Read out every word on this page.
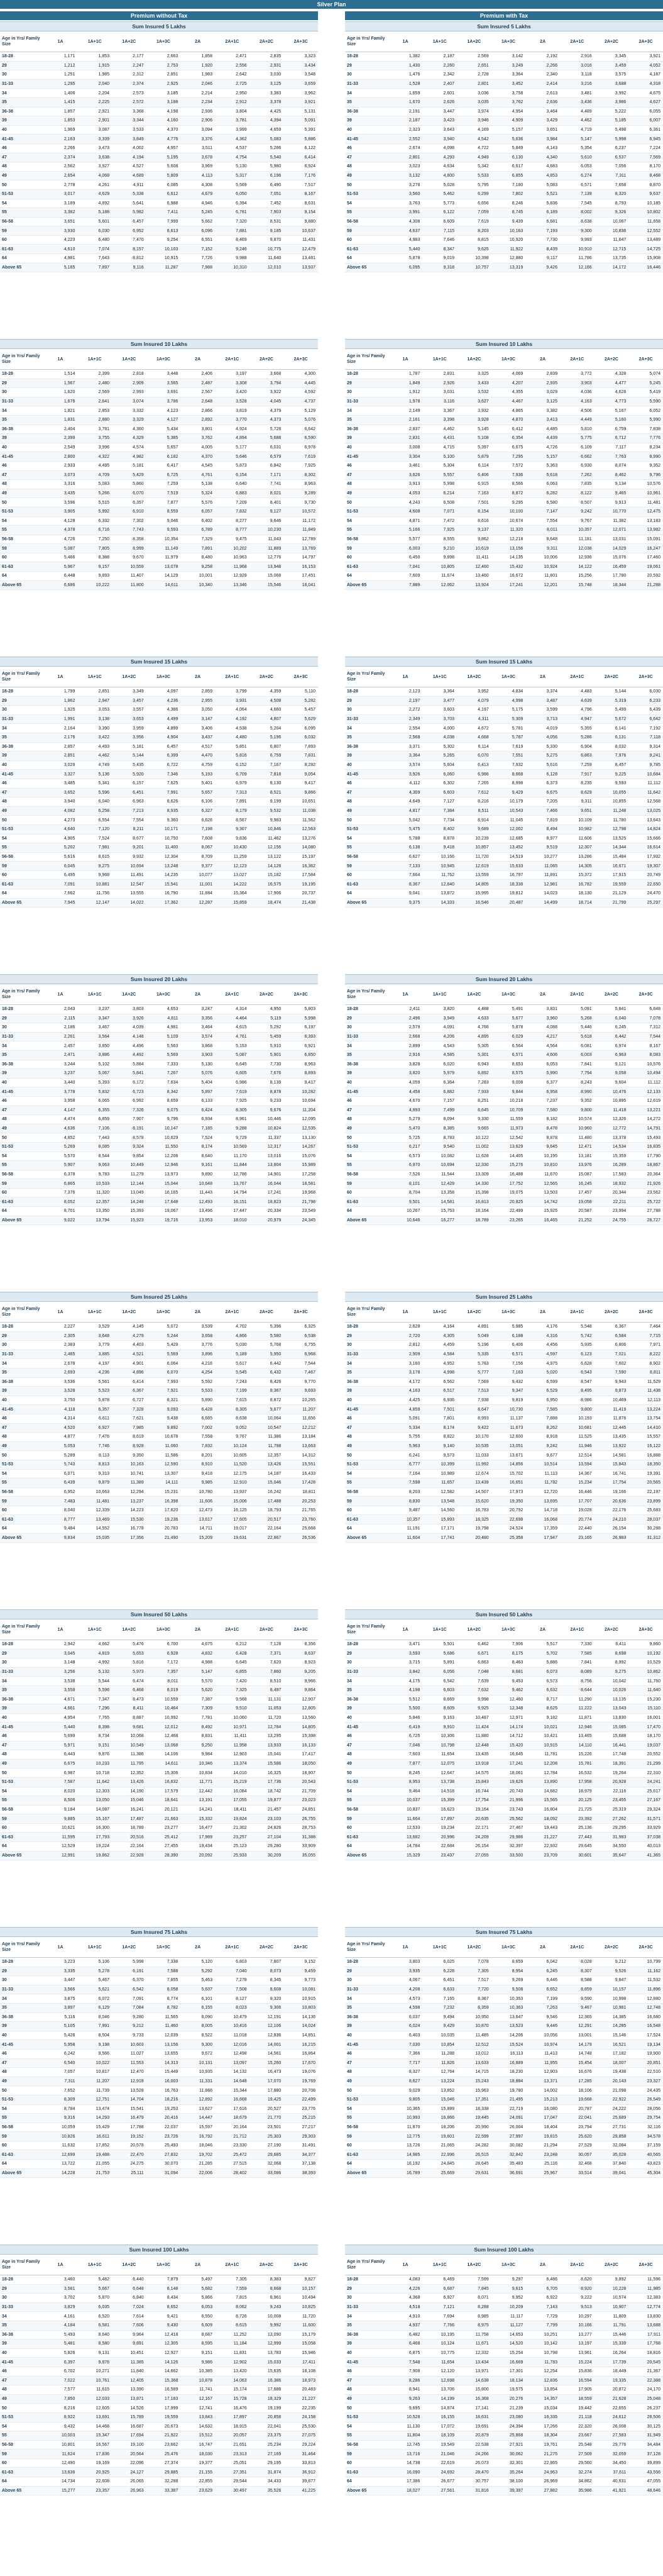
Silver Plan
Premium without Tax
Sum Insured 5 Lakhs
Age in Yrs/ Family Size	1A	1A+1C	1A+2C	1A+3C	2A	2A+1C	2A+2C	2A+3C
18-28	1,171	1,853	2,177	2,663	1,858	2,471	2,835	3,323
29	1,212	1,915	2,247	2,753	1,920	2,556	2,931	3,434
30	1,251	1,985	2,312	2,851	1,983	2,642	3,030	3,548
31-33	1,295	2,040	2,374	2,925	2,046	2,725	3,125	3,659
34	1,406	2,204	2,573	3,185	2,214	2,950	3,383	3,962
35	1,415	2,225	2,572	3,188	2,234	2,912	3,378	3,921
36-38	1,857	2,921	3,368	4,198	2,936	3,804	4,425	5,131
39	1,853	2,901	3,344	4,160	2,906	3,781	4,394	5,091
40	1,969	3,087	3,533	4,370	3,094	3,999	4,659	5,391
41-45	2,163	3,339	3,849	4,776	3,376	4,362	5,083	5,886
46	2,266	3,473	4,002	4,957	3,511	4,537	5,286	6,122
47	2,374	3,638	4,194	5,195	3,678	4,754	5,540	6,414
48	2,562	3,927	4,527	5,608	3,969	5,130	5,980	6,924
49	2,654	4,068	4,689	5,809	4,113	5,317	6,196	7,176
50	2,778	4,261	4,911	6,085	4,308	5,569	6,490	7,517
51-53	3,017	4,629	5,338	6,612	4,679	6,050	7,051	8,167
54	3,189	4,892	5,641	6,988	4,946	6,394	7,452	8,631
55	3,382	5,188	5,982	7,411	5,245	6,781	7,903	9,154
56-58	3,651	5,601	6,457	7,999	5,662	7,320	8,531	9,880
59	3,930	6,030	6,952	8,613	6,096	7,881	9,185	10,637
60	4,223	6,480	7,470	9,254	6,551	8,469	9,870	11,431
61-63	4,610	7,074	8,157	10,103	7,152	9,246	10,775	12,479
64	4,981	7,643	8,812	10,915	7,726	9,988	11,640	13,481
Above 65	5,165	7,897	9,116	11,287	7,988	10,310	12,010	13,937
Sum Insured 10 Lakhs
Age in Yrs/ Family Size	1A	1A+1C	1A+2C	1A+3C	2A	2A+1C	2A+2C	2A+3C
18-28	1,514	2,399	2,818	3,448	2,406	3,197	3,668	4,300
29	1,567	2,480	2,909	3,565	2,487	3,308	3,794	4,445
30	1,620	2,569	2,993	3,691	2,567	3,420	3,922	4,592
31-33	1,676	2,641	3,074	3,786	2,648	3,528	4,045	4,737
34	1,821	2,853	3,332	4,123	2,866	3,819	4,379	5,129
35	1,831	2,880	3,329	4,127	2,892	3,770	4,373	5,076
36-38	2,404	3,781	4,360	5,434	3,801	4,924	5,728	6,642
39	2,399	3,755	4,329	5,385	3,762	4,894	5,688	6,590
40	2,549	3,996	4,574	5,657	4,005	5,177	6,031	6,978
41-45	2,800	4,322	4,982	6,182	4,370	5,646	6,579	7,619
46	2,933	4,495	5,181	6,417	4,545	5,873	6,842	7,925
47	3,073	4,709	5,429	6,725	4,761	6,154	7,171	8,302
48	3,316	5,083	5,860	7,259	5,138	6,640	7,741	8,963
49	3,435	5,266	6,070	7,519	5,324	6,883	8,021	9,289
50	3,596	5,515	6,357	7,877	5,576	7,209	8,401	9,730
51-53	3,905	5,992	6,910	8,559	6,057	7,832	9,127	10,572
54	4,128	6,332	7,302	9,046	6,402	8,277	9,646	11,172
55	4,378	6,716	7,743	9,593	6,789	8,777	10,230	11,849
56-58	4,726	7,250	8,358	10,354	7,329	9,475	11,043	12,789
59	5,087	7,805	8,999	11,149	7,891	10,202	11,889	13,769
60	5,466	8,388	9,670	11,979	8,480	10,963	12,776	14,797
61-63	5,967	9,157	10,559	13,078	9,258	11,968	13,948	16,153
64	6,448	9,893	11,407	14,129	10,001	12,929	15,068	17,451
Above 65	6,686	10,222	11,800	14,611	10,340	13,346	15,546	18,041
Sum Insured 15 Lakhs
Age in Yrs/ Family Size	1A	1A+1C	1A+2C	1A+3C	2A	2A+1C	2A+2C	2A+3C
18-28	1,799	2,851	3,349	4,097	2,859	3,799	4,359	5,110
29	1,862	2,947	3,457	4,236	2,955	3,931	4,508	5,282
30	1,925	3,053	3,557	4,386	3,050	4,064	4,660	5,457
31-33	1,991	3,138	3,653	4,499	3,147	4,192	4,807	5,629
34	2,164	3,390	3,959	4,899	3,406	4,538	5,204	6,095
35	2,176	3,422	3,956	4,904	3,437	4,480	5,196	6,032
36-38	2,857	4,493	5,181	6,457	4,517	5,851	6,807	7,893
39	2,851	4,462	5,144	6,399	4,470	5,816	6,759	7,831
40	3,029	4,749	5,435	6,722	4,759	6,152	7,167	8,292
41-45	3,327	5,136	5,920	7,346	5,193	6,709	7,818	9,054
46	3,485	5,341	6,157	7,625	5,401	6,979	8,130	9,417
47	3,652	5,596	6,451	7,991	5,657	7,313	8,521	9,866
48	3,940	6,040	6,963	8,626	6,106	7,891	9,199	10,651
49	4,082	6,258	7,213	8,935	6,327	8,179	9,532	11,038
50	4,273	6,554	7,554	9,360	6,626	8,567	9,983	11,562
51-53	4,640	7,120	8,211	10,171	7,198	9,307	10,846	12,563
54	4,905	7,524	8,677	10,750	7,608	9,836	11,462	13,276
55	5,202	7,981	9,201	11,400	8,067	10,430	12,156	14,080
56-58	5,616	8,615	9,932	12,304	8,709	11,259	13,122	15,197
59	6,045	9,275	10,694	13,248	9,377	12,123	14,128	16,362
60	6,495	9,968	11,491	14,235	10,077	13,027	15,182	17,584
61-63	7,091	10,881	12,547	15,541	11,001	14,222	16,575	19,195
64	7,662	11,756	13,555	16,790	11,884	15,364	17,906	20,737
Above 65	7,945	12,147	14,022	17,362	12,287	15,859	18,474	21,438
Sum Insured 20 Lakhs
Age in Yrs/ Family Size	1A	1A+1C	1A+2C	1A+3C	2A	2A+1C	2A+2C	2A+3C
18-28	2,043	3,237	3,803	4,653	3,247	4,314	4,950	5,803
29	2,115	3,347	3,926	4,811	3,356	4,464	5,119	5,998
30	2,186	3,467	4,039	4,981	3,464	4,615	5,292	6,197
31-33	2,261	3,564	4,148	5,109	3,574	4,761	5,459	6,393
34	2,457	3,850	4,496	5,563	3,868	5,153	5,910	6,921
35	2,471	3,886	4,492	5,569	3,903	5,087	5,901	6,850
36-38	3,244	5,102	5,884	7,333	5,130	6,645	7,730	8,963
39	3,237	5,067	5,841	7,267	5,076	6,605	7,676	8,893
40	3,440	5,393	6,172	7,634	5,404	6,986	8,139	9,417
41-45	3,778	5,832	6,723	8,342	5,897	7,619	8,878	10,282
46	3,958	6,065	6,992	8,659	6,133	7,925	9,233	10,694
47	4,147	6,355	7,326	9,075	6,424	8,305	9,676	11,204
48	4,474	6,859	7,907	9,796	6,934	8,961	10,446	12,095
49	4,636	7,106	8,191	10,147	7,185	9,288	10,824	12,535
50	4,852	7,443	8,578	10,629	7,524	9,729	11,337	13,130
51-53	5,269	8,085	9,324	11,550	8,174	10,569	12,317	14,267
54	5,570	8,544	9,854	12,208	8,640	11,170	13,016	15,076
55	5,907	9,063	10,449	12,946	9,161	11,844	13,804	15,989
56-58	6,378	9,783	11,279	13,973	9,890	12,786	14,901	17,258
59	6,865	10,533	12,144	15,044	10,648	13,767	16,044	18,581
60	7,376	11,320	13,049	16,165	11,443	14,794	17,241	19,968
61-63	8,052	12,357	14,248	17,648	12,493	16,151	18,823	21,798
64	8,701	13,350	15,393	19,067	13,496	17,447	20,334	23,549
Above 65	9,022	13,794	15,923	19,716	13,953	18,010	20,979	24,345
Sum Insured 25 Lakhs
Age in Yrs/ Family Size	1A	1A+1C	1A+2C	1A+3C	2A	2A+1C	2A+2C	2A+3C
18-28	2,227	3,529	4,145	5,072	3,539	4,702	5,396	6,325
29	2,305	3,648	4,279	5,244	3,658	4,866	5,580	6,538
30	2,383	3,779	4,403	5,429	3,776	5,030	5,768	6,755
31-33	2,465	3,885	4,521	5,569	3,896	5,189	5,950	6,968
34	2,678	4,197	4,901	6,064	4,216	5,617	6,442	7,544
35	2,693	4,236	4,896	6,070	4,254	5,545	6,432	7,467
36-38	3,536	5,561	6,414	7,993	5,592	7,243	8,426	9,770
39	3,528	5,523	6,367	7,921	5,533	7,199	8,367	9,693
40	3,750	5,878	6,727	8,321	5,890	7,615	8,872	10,265
41-45	4,118	6,357	7,328	9,093	6,428	8,305	9,677	11,207
46	4,314	6,611	7,621	9,438	6,685	8,638	10,064	11,656
47	4,520	6,927	7,985	9,892	7,002	9,052	10,547	12,212
48	4,877	7,476	8,619	10,678	7,558	9,767	11,386	13,184
49	5,053	7,746	8,928	11,060	7,832	10,124	11,798	13,663
50	5,289	8,113	9,350	11,586	8,201	10,605	12,357	14,312
51-53	5,743	8,813	10,163	12,590	8,910	11,520	13,426	15,551
54	6,071	9,313	10,741	13,307	9,418	12,175	14,187	16,433
55	6,439	9,879	11,389	14,111	9,985	12,910	15,046	17,428
56-58	6,952	10,663	12,294	15,231	10,780	13,937	16,242	18,811
59	7,483	11,481	13,237	16,398	11,606	15,006	17,488	20,253
60	8,040	12,339	14,223	17,620	12,473	16,125	18,793	21,765
61-63	8,777	13,469	15,530	19,236	13,617	17,605	20,517	23,760
64	9,484	14,552	16,778	20,783	14,711	19,017	22,164	25,668
Above 65	9,834	15,035	17,356	21,490	15,209	19,631	22,867	26,536
Sum Insured 50 Lakhs
Age in Yrs/ Family Size	1A	1A+1C	1A+2C	1A+3C	2A	2A+1C	2A+2C	2A+3C
18-28	2,942	4,662	5,476	6,700	4,675	6,212	7,128	8,356
29	3,045	4,819	5,653	6,928	4,832	6,428	7,371	8,637
30	3,148	4,992	5,816	7,172	4,988	6,645	7,620	8,923
31-33	3,256	5,132	5,973	7,357	5,147	6,855	7,860	9,205
34	3,538	5,544	6,474	8,011	5,570	7,420	8,510	9,966
35	3,558	5,596	6,468	8,019	5,620	7,325	8,497	9,864
36-38	4,671	7,347	8,473	10,559	7,387	9,568	11,131	12,907
39	4,661	7,296	8,411	10,464	7,309	9,510	11,053	12,805
40	4,954	7,765	8,887	10,992	7,781	10,060	11,720	13,560
41-45	5,440	8,398	9,681	12,012	8,492	10,971	12,784	14,805
46	5,699	8,734	10,068	12,468	8,831	11,411	13,295	15,398
47	5,971	9,151	10,549	13,068	9,250	11,958	13,933	16,133
48	6,443	9,876	11,386	14,106	9,984	12,903	15,041	17,417
49	6,675	10,233	11,795	14,611	10,346	13,374	15,586	18,050
50	6,987	10,718	12,352	15,306	10,834	14,010	16,325	18,907
51-53	7,587	11,642	13,426	16,632	11,771	15,219	17,736	20,543
54	8,020	12,303	14,190	17,579	12,442	16,084	18,742	21,709
55	8,506	13,050	15,046	18,641	13,191	17,055	19,877	23,023
56-58	9,184	14,087	16,241	20,121	14,241	18,411	21,457	24,851
59	9,885	15,167	17,487	21,663	15,332	19,824	23,103	26,755
60	10,621	16,300	18,789	23,277	16,477	21,302	24,826	28,753
61-63	11,595	17,793	20,516	25,412	17,989	23,257	27,104	31,388
64	12,529	19,224	22,164	27,455	19,434	25,123	29,280	33,909
Above 65	12,991	19,862	22,928	28,390	20,092	25,933	30,209	35,055
Sum Insured 75 Lakhs
Age in Yrs/ Family Size	1A	1A+1C	1A+2C	1A+3C	2A	2A+1C	2A+2C	2A+3C
18-28	3,223	5,106	5,998	7,338	5,120	6,803	7,807	9,152
29	3,335	5,278	6,191	7,588	5,292	7,040	8,073	9,459
30	3,447	5,467	6,370	7,855	5,463	7,278	8,345	9,773
31-33	3,566	5,621	6,542	8,058	5,637	7,508	8,608	10,081
34	3,875	6,072	7,091	8,774	6,101	8,127	9,320	10,915
35	3,897	6,129	7,084	8,782	6,155	8,023	9,306	10,803
36-38	5,116	8,046	9,280	11,565	8,090	10,479	12,191	14,136
39	5,105	7,991	9,212	11,460	8,005	10,416	12,106	14,024
40	5,426	8,504	9,733	12,039	8,522	11,018	12,836	14,851
41-45	5,958	9,198	10,603	13,156	9,300	12,016	14,001	16,215
46	6,242	9,566	11,027	13,655	9,672	12,498	14,561	16,864
47	6,540	10,022	11,553	14,313	10,131	13,097	15,260	17,670
48	7,057	10,817	12,470	15,449	10,935	14,132	16,473	19,076
49	7,311	11,207	12,918	16,003	11,331	14,648	17,070	19,769
50	7,652	11,739	13,528	16,763	11,866	15,344	17,880	20,708
51-53	8,309	12,751	14,704	18,216	12,892	16,668	19,425	22,499
54	8,784	13,474	15,541	19,253	13,627	17,616	20,527	23,776
55	9,316	14,293	16,479	20,416	14,447	18,679	21,770	25,215
56-58	10,059	15,429	17,788	22,037	15,597	20,164	23,501	27,217
59	10,826	16,611	19,152	23,726	16,792	21,712	25,303	29,303
60	11,632	17,852	20,578	25,493	18,046	23,330	27,190	31,491
61-63	12,699	19,488	22,470	27,832	19,702	25,472	29,685	34,377
64	13,722	21,055	24,275	30,070	21,285	27,515	32,068	37,138
Above 65	14,228	21,753	25,111	31,094	22,006	28,402	33,086	38,393
Sum Insured 100 Lakhs
Age in Yrs/ Family Size	1A	1A+1C	1A+2C	1A+3C	2A	2A+1C	2A+2C	2A+3C
18-28	3,460	5,482	6,440	7,879	5,497	7,305	8,383	9,827
29	3,581	5,667	6,648	8,148	5,682	7,559	8,668	10,157
30	3,702	5,870	6,840	8,434	5,866	7,815	8,961	10,494
31-33	3,829	6,035	7,024	8,652	6,053	8,062	9,243	10,825
34	4,161	6,520	7,614	9,421	6,550	8,726	10,008	11,720
35	4,184	6,581	7,606	9,430	6,609	8,615	9,992	11,600
36-38	5,493	8,640	9,964	12,418	8,687	11,252	13,090	15,179
39	5,481	8,580	9,891	12,305	8,595	11,184	12,999	15,058
40	5,826	9,131	10,451	12,927	9,151	11,831	13,783	15,946
41-45	6,397	9,876	11,385	14,126	9,986	12,902	15,033	17,411
46	6,702	10,271	11,840	14,662	10,385	13,420	15,635	18,108
47	7,022	10,761	12,405	15,368	10,878	14,063	16,386	18,973
48	7,577	11,615	13,390	16,589	11,741	15,174	17,688	20,483
49	7,850	12,033	13,871	17,183	12,167	15,728	18,329	21,227
50	8,216	12,605	14,526	17,999	12,741	16,476	19,199	22,235
51-53	8,922	13,691	15,789	19,559	13,843	17,897	20,858	24,158
54	9,432	14,468	16,687	20,673	14,632	18,915	22,041	25,530
55	10,003	15,347	17,694	21,922	15,512	20,057	23,375	27,075
56-58	10,801	16,567	19,100	23,662	16,747	21,651	25,234	29,224
59	11,624	17,836	20,564	25,476	18,030	23,313	27,169	31,464
60	12,490	19,169	22,096	27,374	19,377	25,051	29,195	33,813
61-63	13,636	20,925	24,127	29,885	21,155	27,351	31,874	36,912
64	14,734	22,608	26,065	32,288	22,855	29,544	34,433	39,877
Above 65	15,277	23,357	26,963	33,387	23,629	30,497	35,526	41,225
Premium with Tax
Sum Insured 5 Lakhs
Age in Yrs/ Family Size	1A	1A+1C	1A+2C	1A+3C	2A	2A+1C	2A+2C	2A+3C
18-28	1,382	2,187	2,569	3,142	2,192	2,916	3,345	3,921
29	1,430	2,260	2,651	3,249	2,266	3,016	3,459	4,052
30	1,476	2,342	2,728	3,364	2,340	3,118	3,575	4,187
31-33	1,528	2,407	2,801	3,452	2,414	3,216	3,688	4,318
34	1,659	2,601	3,036	3,758	2,613	3,481	3,992	4,675
35	1,670	2,626	3,035	3,762	2,636	3,436	3,986	4,627
36-38	2,191	3,447	3,974	4,954	3,464	4,489	5,222	6,055
39	2,187	3,423	3,946	4,909	3,429	4,462	5,185	6,007
40	2,323	3,643	4,169	5,157	3,651	4,719	5,498	6,361
41-45	2,552	3,940	4,542	5,636	3,984	5,147	5,998	6,945
46	2,674	4,098	4,722	5,849	4,143	5,354	6,237	7,224
47	2,801	4,293	4,949	6,130	4,340	5,610	6,537	7,569
48	3,023	4,634	5,342	6,617	4,683	6,053	7,056	8,170
49	3,132	4,800	5,533	6,855	4,853	6,274	7,311	8,468
50	3,278	5,028	5,795	7,180	5,083	6,571	7,658	8,870
51-53	3,560	5,462	6,299	7,802	5,521	7,139	8,320	9,637
54	3,763	5,773	6,656	8,246	5,836	7,545	8,793	10,185
55	3,991	6,122	7,059	8,745	6,189	8,002	9,326	10,802
56-58	4,308	6,609	7,619	9,439	6,681	8,638	10,067	11,658
59	4,637	7,115	8,203	10,163	7,193	9,300	10,838	12,552
60	4,983	7,646	8,815	10,920	7,730	9,993	11,647	13,489
61-63	5,440	8,347	9,625	11,922	8,439	10,910	12,715	14,725
64	5,878	9,019	10,398	12,880	9,117	11,786	13,735	15,908
Above 65	6,095	9,318	10,757	13,319	9,426	12,166	14,172	16,446
Sum Insured 10 Lakhs
Age in Yrs/ Family Size	1A	1A+1C	1A+2C	1A+3C	2A	2A+1C	2A+2C	2A+3C
18-28	1,787	2,831	3,325	4,069	2,839	3,772	4,328	5,074
29	1,849	2,926	3,433	4,207	2,935	3,903	4,477	5,245
30	1,912	3,031	3,532	4,355	3,029	4,036	4,628	5,419
31-33	1,978	3,116	3,627	4,467	3,125	4,163	4,773	5,590
34	2,149	3,367	3,932	4,865	3,382	4,506	5,167	6,052
35	2,161	3,398	3,928	4,870	3,413	4,449	5,160	5,990
36-38	2,837	4,462	5,145	6,412	4,485	5,810	6,759	7,838
39	2,831	4,431	5,108	6,354	4,439	5,775	6,712	7,776
40	3,008	4,715	5,397	6,675	4,726	6,109	7,117	8,234
41-45	3,304	5,100	5,879	7,295	5,157	6,662	7,763	8,990
46	3,461	5,304	6,114	7,572	5,363	6,930	8,074	9,352
47	3,626	5,557	6,406	7,936	5,618	7,262	8,462	9,796
48	3,913	5,998	6,915	8,566	6,063	7,835	9,134	10,576
49	4,053	6,214	7,163	8,872	6,282	8,122	9,465	10,961
50	4,243	6,508	7,501	9,295	6,580	8,507	9,913	11,481
51-53	4,608	7,071	8,154	10,100	7,147	9,242	10,770	12,475
54	4,871	7,472	8,616	10,674	7,554	9,767	11,382	13,183
55	5,166	7,925	9,137	11,320	8,011	10,357	12,071	13,982
56-58	5,577	8,555	9,862	12,218	8,648	11,181	13,031	15,091
59	6,003	9,210	10,619	13,156	9,311	12,038	14,029	16,247
60	6,450	9,898	11,411	14,135	10,006	12,936	15,076	17,460
61-63	7,041	10,805	12,460	15,432	10,924	14,122	16,459	19,061
64	7,609	11,674	13,460	16,672	11,801	15,256	17,780	20,592
Above 65	7,889	12,062	13,924	17,241	12,201	15,748	18,344	21,288
Sum Insured 15 Lakhs
Age in Yrs/ Family Size	1A	1A+1C	1A+2C	1A+3C	2A	2A+1C	2A+2C	2A+3C
18-28	2,123	3,364	3,952	4,834	3,374	4,483	5,144	6,030
29	2,197	3,477	4,079	4,998	3,487	4,639	5,319	6,233
30	2,272	3,603	4,197	5,175	3,599	4,796	5,499	6,439
31-33	2,349	3,703	4,311	5,309	3,713	4,947	5,672	6,642
34	2,554	4,000	4,672	5,781	4,019	5,355	6,141	7,192
35	2,568	4,038	4,668	5,787	4,056	5,286	6,131	7,118
36-38	3,371	5,302	6,114	7,619	5,330	6,904	8,032	9,314
39	3,364	5,265	6,070	7,551	5,275	6,863	7,976	9,241
40	3,574	5,604	6,413	7,932	5,616	7,259	8,457	9,785
41-45	3,926	6,060	6,986	8,668	6,128	7,917	9,225	10,684
46	4,112	6,302	7,265	8,998	6,373	8,235	9,593	11,112
47	4,309	6,603	7,612	9,429	6,675	8,629	10,055	11,642
48	4,649	7,127	8,216	10,179	7,205	9,311	10,855	12,568
49	4,817	7,384	8,511	10,543	7,466	9,651	11,248	13,025
50	5,042	7,734	8,914	11,045	7,819	10,109	11,780	13,643
51-53	5,475	8,402	9,689	12,002	8,494	10,982	12,798	14,824
54	5,788	8,878	10,239	12,685	8,977	11,606	13,525	15,666
55	6,138	9,418	10,857	13,452	9,519	12,307	14,344	16,614
56-58	6,627	10,166	11,720	14,519	10,277	13,286	15,484	17,932
59	7,133	10,945	12,619	15,633	11,065	14,305	16,671	19,307
60	7,664	11,762	13,559	16,797	11,891	15,372	17,915	20,749
61-63	8,367	12,840	14,805	18,338	12,981	16,782	19,559	22,650
64	9,041	13,872	15,995	19,812	14,023	18,130	21,129	24,470
Above 65	9,375	14,333	16,546	20,487	14,499	18,714	21,799	25,297
Sum Insured 20 Lakhs
Age in Yrs/ Family Size	1A	1A+1C	1A+2C	1A+3C	2A	2A+1C	2A+2C	2A+3C
18-28	2,411	3,820	4,488	5,491	3,831	5,091	5,841	6,848
29	2,496	3,949	4,633	5,677	3,960	5,268	6,040	7,078
30	2,579	4,091	4,766	5,878	4,088	5,446	6,245	7,312
31-33	2,668	4,206	4,895	6,029	4,217	5,618	6,442	7,544
34	2,899	4,543	5,305	6,564	4,564	6,081	6,974	8,167
35	2,916	4,585	5,301	6,571	4,606	6,003	6,963	8,083
36-38	3,828	6,020	6,943	8,653	6,053	7,841	9,121	10,576
39	3,820	5,979	6,892	8,575	5,990	7,794	9,058	10,494
40	4,059	6,364	7,283	9,008	6,377	8,243	9,604	11,112
41-45	4,458	6,882	7,933	9,844	6,958	8,990	10,476	12,133
46	4,670	7,157	8,251	10,218	7,237	9,352	10,895	12,619
47	4,893	7,499	8,645	10,709	7,580	9,800	11,418	13,221
48	5,279	8,094	9,330	11,559	8,182	10,574	12,326	14,272
49	5,470	8,385	9,665	11,973	8,478	10,960	12,772	14,791
50	5,725	8,783	10,122	12,542	8,878	11,480	13,378	15,493
51-53	6,217	9,540	11,002	13,629	9,645	12,471	14,534	16,835
54	6,573	10,082	11,628	14,405	10,195	13,181	15,359	17,790
55	6,970	10,694	12,330	15,276	10,810	13,976	16,289	18,867
56-58	7,526	11,544	13,309	16,488	11,670	15,087	17,583	20,364
59	8,101	12,429	14,330	17,752	12,565	16,245	18,932	21,926
60	8,704	13,358	15,398	19,075	13,503	17,457	20,344	23,562
61-63	9,501	14,581	16,813	20,825	14,742	19,058	22,211	25,722
64	10,267	15,753	18,164	22,499	15,925	20,587	23,994	27,788
Above 65	10,646	16,277	18,789	23,265	16,465	21,252	24,755	28,727
Sum Insured 25 Lakhs
Age in Yrs/ Family Size	1A	1A+1C	1A+2C	1A+3C	2A	2A+1C	2A+2C	2A+3C
18-28	2,628	4,164	4,891	5,985	4,176	5,548	6,367	7,464
29	2,720	4,305	5,049	6,188	4,316	5,742	6,584	7,715
30	2,812	4,459	5,196	6,406	4,456	5,935	6,806	7,971
31-33	2,909	4,584	5,335	6,571	4,597	6,123	7,021	8,222
34	3,160	4,952	5,783	7,156	4,975	6,628	7,602	8,902
35	3,178	4,998	5,777	7,163	5,020	6,543	7,590	8,811
36-38	4,172	6,562	7,569	9,432	6,599	8,547	9,943	11,529
39	4,163	6,517	7,513	9,347	6,529	8,495	9,873	11,438
40	4,425	6,936	7,938	9,819	6,950	8,986	10,469	12,113
41-45	4,859	7,501	8,647	10,730	7,585	9,800	11,419	13,224
46	5,091	7,801	8,993	11,137	7,888	10,193	11,876	13,754
47	5,334	8,174	9,422	11,673	8,262	10,681	12,445	14,410
48	5,755	8,822	10,170	12,600	8,918	11,525	13,435	15,557
49	5,963	9,140	10,535	13,051	9,242	11,946	13,922	16,122
50	6,241	9,573	11,033	13,671	9,677	12,514	14,581	16,888
51-53	6,777	10,399	11,992	14,856	10,514	13,594	15,843	18,350
54	7,164	10,989	12,674	15,702	11,113	14,367	16,741	19,391
55	7,598	11,657	13,439	16,651	11,782	15,234	17,754	20,565
56-58	8,203	12,582	14,507	17,973	12,720	16,446	19,166	22,197
59	8,830	13,548	15,620	19,350	13,695	17,707	20,636	23,899
60	9,487	14,560	16,783	20,792	14,718	19,028	22,176	25,683
61-63	10,357	15,893	18,325	22,698	16,068	20,774	24,210	28,037
64	11,191	17,171	19,798	24,524	17,359	22,440	26,154	30,288
Above 65	11,604	17,741	20,480	25,358	17,947	23,165	26,983	31,312
Sum Insured 50 Lakhs
Age in Yrs/ Family Size	1A	1A+1C	1A+2C	1A+3C	2A	2A+1C	2A+2C	2A+3C
18-28	3,471	5,501	6,462	7,906	5,517	7,330	8,411	9,860
29	3,593	5,686	6,671	8,175	5,702	7,585	8,698	10,192
30	3,715	5,891	6,863	8,463	5,886	7,841	8,992	10,529
31-33	3,842	6,056	7,048	8,681	6,073	8,089	9,275	10,862
34	4,175	6,542	7,639	9,453	6,573	8,756	10,042	11,760
35	4,198	6,603	7,632	9,462	6,632	8,644	10,026	11,640
36-38	5,512	8,669	9,998	12,460	8,717	11,290	13,135	15,230
39	5,500	8,609	9,925	12,348	8,625	11,222	13,043	15,110
40	5,846	9,163	10,487	12,971	9,182	11,871	13,830	16,001
41-45	6,419	9,910	11,424	14,174	10,021	12,946	15,085	17,470
46	6,725	10,306	11,880	14,712	10,421	13,465	15,688	18,170
47	7,046	10,798	12,448	15,420	10,915	14,110	16,441	19,037
48	7,603	11,654	13,435	16,645	11,781	15,226	17,748	20,552
49	7,877	12,075	13,918	17,241	12,208	15,781	18,391	21,299
50	8,245	12,647	14,575	18,061	12,784	16,532	19,264	22,310
51-53	8,953	13,738	15,843	19,626	13,890	17,958	20,928	24,241
54	9,464	14,518	16,744	20,743	14,682	18,979	22,116	25,617
55	10,037	15,399	17,754	21,996	15,565	20,125	23,455	27,167
56-58	10,837	16,623	19,164	23,743	16,804	21,725	25,319	29,324
59	11,664	17,897	20,635	25,562	18,092	23,392	27,262	31,571
60	12,533	19,234	22,171	27,467	19,443	25,136	29,295	33,929
61-63	13,682	20,996	24,209	29,986	21,227	27,443	31,983	37,038
64	14,784	22,684	26,154	32,397	22,932	29,645	34,550	40,013
Above 65	15,329	23,437	27,055	33,500	23,709	30,601	35,647	41,365
Sum Insured 75 Lakhs
Age in Yrs/ Family Size	1A	1A+1C	1A+2C	1A+3C	2A	2A+1C	2A+2C	2A+3C
18-28	3,803	6,025	7,078	8,659	6,042	8,028	9,212	10,799
29	3,935	6,228	7,305	8,954	6,245	8,307	9,526	11,162
30	4,067	6,451	7,517	9,269	6,446	8,588	9,847	11,532
31-33	4,208	6,633	7,720	9,508	6,652	8,859	10,157	11,896
34	4,573	7,165	8,367	10,353	7,199	9,590	10,998	12,880
35	4,598	7,232	8,359	10,363	7,263	9,467	10,981	12,748
36-38	6,037	9,494	10,950	13,647	9,546	12,365	14,385	16,680
39	6,024	9,429	10,870	13,523	9,446	12,291	14,285	16,548
40	6,403	10,035	11,485	14,206	10,056	13,001	15,146	17,524
41-45	7,030	10,854	12,512	15,524	10,974	14,179	16,521	19,134
46	7,366	11,288	13,012	16,113	11,413	14,748	17,182	19,900
47	7,717	11,826	13,633	16,889	11,955	15,454	18,007	20,851
48	8,327	12,764	14,715	18,230	12,903	16,676	19,438	22,510
49	8,627	13,224	15,243	18,884	13,371	17,285	20,143	23,327
50	9,029	13,852	15,963	19,780	14,002	18,106	21,098	24,435
51-53	9,805	15,046	17,351	21,495	15,213	19,668	22,922	26,549
54	10,365	15,899	18,338	22,719	16,080	20,787	24,222	28,056
55	10,993	16,866	19,445	24,091	17,047	22,041	25,689	29,754
56-58	11,870	18,206	20,990	26,004	18,404	23,794	27,731	32,116
59	12,775	19,601	22,599	27,997	19,815	25,620	29,858	34,578
60	13,726	21,065	24,282	30,082	21,294	27,529	32,084	37,159
61-63	14,985	22,996	26,515	32,842	23,248	30,057	35,028	40,565
64	16,192	24,845	28,645	35,483	25,116	32,468	37,840	43,823
Above 65	16,789	25,669	29,631	36,691	25,967	33,514	39,041	45,304
Sum Insured 100 Lakhs
Age in Yrs/ Family Size	1A	1A+1C	1A+2C	1A+3C	2A	2A+1C	2A+2C	2A+3C
18-28	4,083	6,469	7,599	9,297	6,486	8,620	9,892	11,596
29	4,226	6,687	7,845	9,615	6,705	8,920	10,228	11,985
30	4,368	6,927	8,071	9,952	6,922	9,222	10,574	12,383
31-33	4,518	7,121	8,288	10,209	7,143	9,513	10,907	12,774
34	4,910	7,694	8,985	11,117	7,729	10,297	11,809	13,830
35	4,937	7,766	8,975	11,127	7,799	10,166	11,791	13,688
36-38	6,482	10,195	11,758	14,653	10,251	13,277	15,446	17,911
39	6,468	10,124	11,671	14,520	10,142	13,197	15,339	17,768
40	6,875	10,775	12,332	15,254	10,798	13,961	16,264	18,816
41-45	7,548	11,654	13,434	16,669	11,783	15,224	17,739	20,545
46	7,908	12,120	13,971	17,301	12,254	15,836	18,449	21,367
47	8,286	12,698	14,638	18,134	12,836	16,594	19,335	22,388
48	8,941	13,706	15,800	19,575	13,854	17,905	20,872	24,170
49	9,263	14,199	16,368	20,276	14,357	18,559	21,628	25,048
50	9,695	14,874	17,141	21,239	15,034	19,442	22,655	26,237
51-53	10,528	16,155	18,631	23,080	16,335	21,118	24,612	28,506
54	11,130	17,072	19,691	24,394	17,266	22,320	26,008	30,125
55	11,804	18,109	20,879	25,868	18,304	23,667	27,583	31,949
56-58	12,745	19,549	22,538	27,921	19,761	25,548	29,776	34,484
59	13,716	21,046	24,266	30,062	21,275	27,509	32,059	37,128
60	14,738	22,619	26,073	32,301	22,865	29,560	34,450	39,899
61-63	16,090	24,692	28,470	35,264	24,963	32,274	37,611	43,556
64	17,386	26,677	30,757	38,100	26,969	34,862	40,631	47,055
Above 65	18,027	27,561	31,816	39,397	27,882	35,986	41,921	48,646
